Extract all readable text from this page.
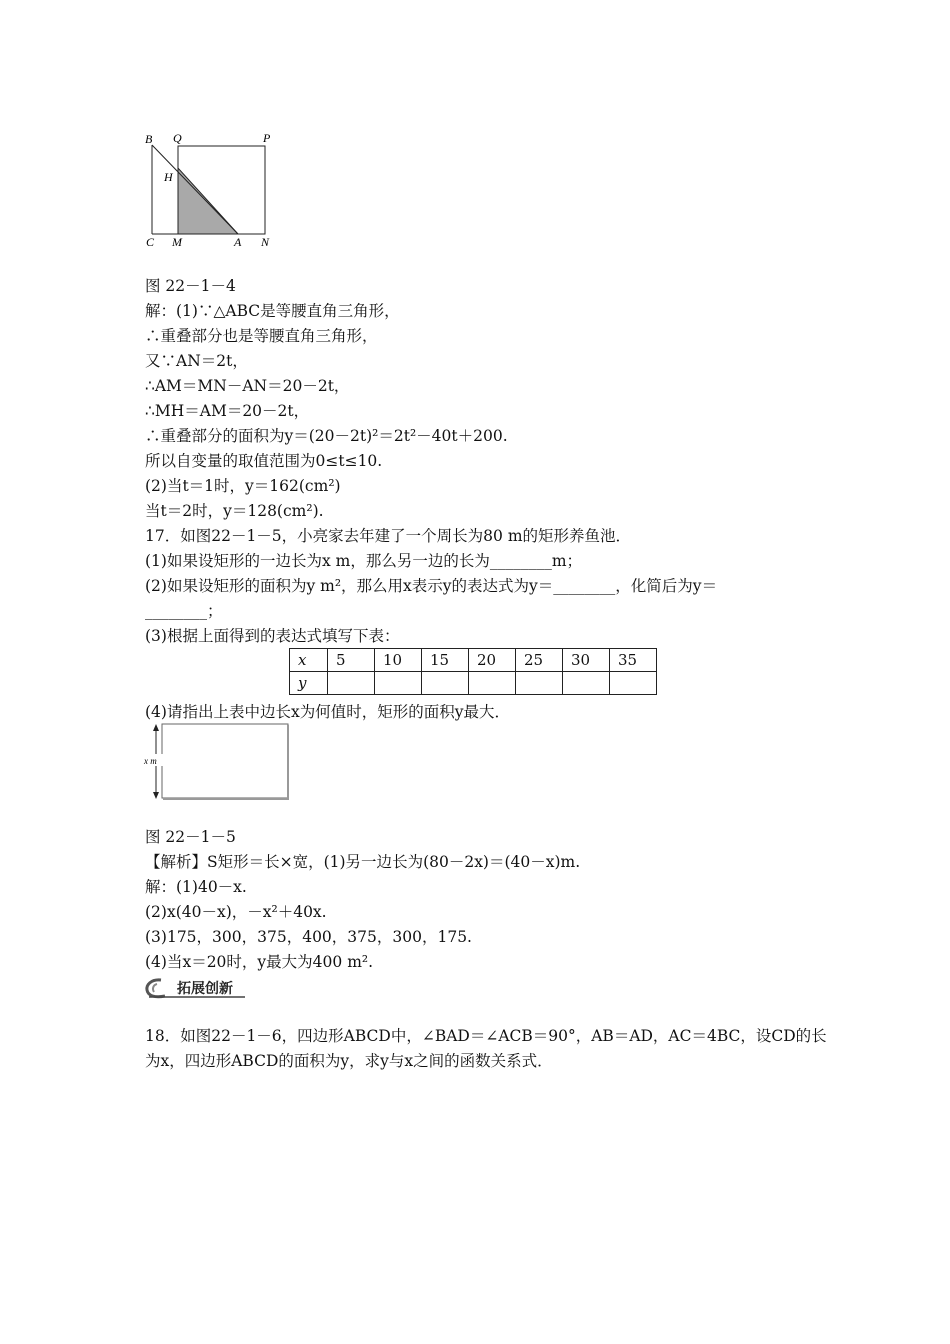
B Q	P
H
C M	A N
图 22－1－4
解：(1)∵△ABC是等腰直角三角形，
∴重叠部分也是等腰直角三角形，
又∵AN＝2t，
∴AM＝MN－AN＝20－2t，
∴MH＝AM＝20－2t，
∴重叠部分的面积为y＝(20－2t)²＝2t²－40t＋200.
所以自变量的取值范围为0≤t≤10.
(2)当t＝1时，y＝162(cm²)
当t＝2时，y＝128(cm²).
17．如图22－1－5，小亮家去年建了一个周长为80 m的矩形养鱼池．
(1)如果设矩形的一边长为x m，那么另一边的长为________m；
(2)如果设矩形的面积为y m²，那么用x表示y的表达式为y＝________，化简后为y＝
________；
(3)根据上面得到的表达式填写下表：
x	5	10	15	20	25	30	35
y							
(4)请指出上表中边长x为何值时，矩形的面积y最大．
x m
图 22－1－5
【解析】S矩形＝长×宽，(1)另一边长为(80－2x)＝(40－x)m.
解：(1)40－x.
(2)x(40－x)，－x²＋40x.
(3)175，300，375，400，375，300，175.
(4)当x＝20时，y最大为400 m².
拓展创新
18．如图22－1－6，四边形ABCD中，∠BAD＝∠ACB＝90°，AB＝AD，AC＝4BC，设CD的长
为x，四边形ABCD的面积为y，求y与x之间的函数关系式．
